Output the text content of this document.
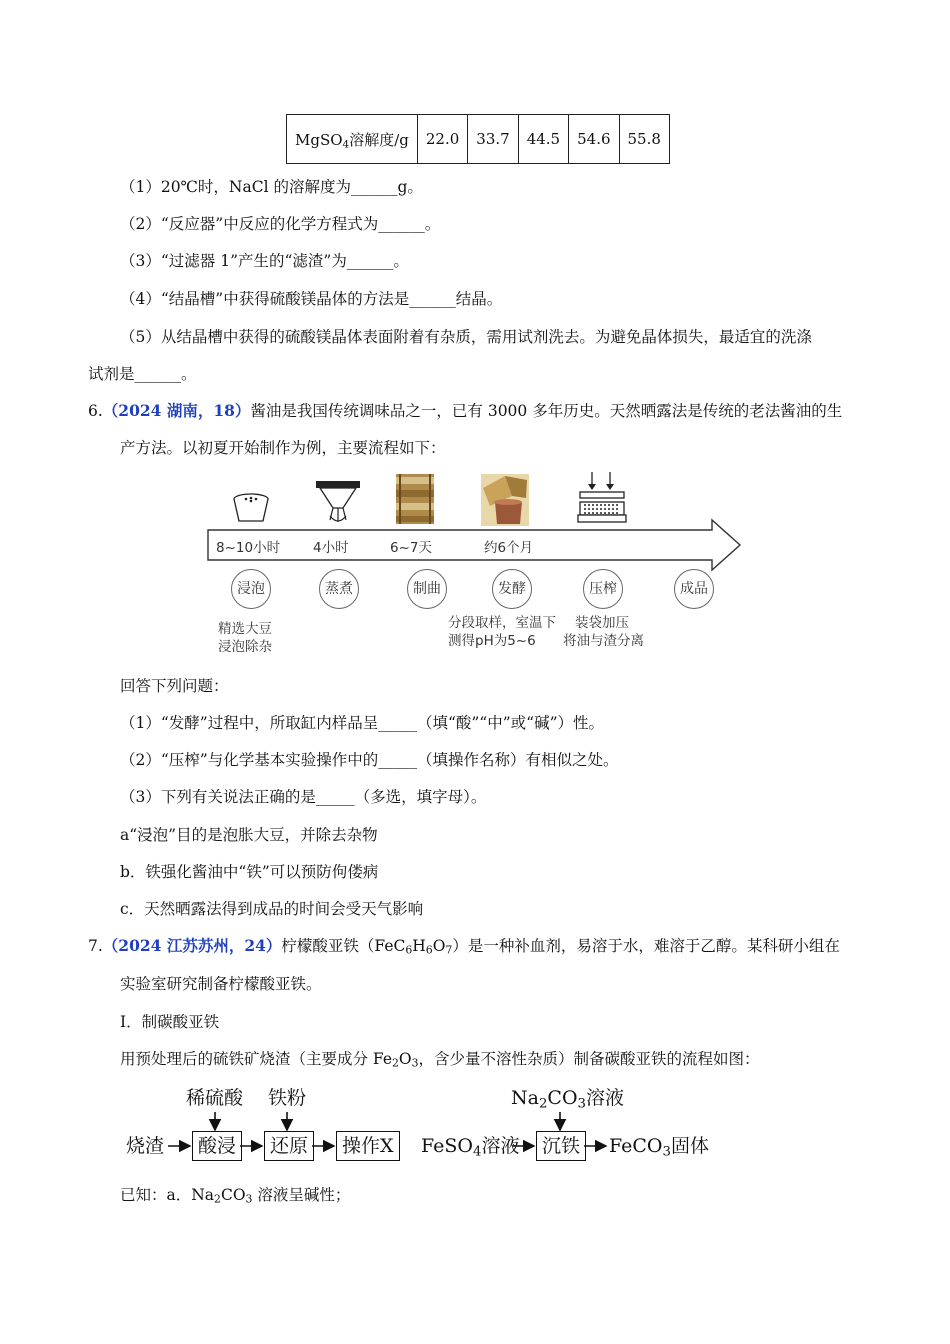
MgSO$_4$溶解度/g	22.0	33.7	44.5	54.6	55.8
（1）20℃时，NaCl 的溶解度为______g。
（2）“反应器”中反应的化学方程式为______。
（3）“过滤器 1”产生的“滤渣”为______。
（4）“结晶槽”中获得硫酸镁晶体的方法是______结晶。
（5）从结晶槽中获得的硫酸镁晶体表面附着有杂质，需用试剂洗去。为避免晶体损失，最适宜的洗涤
试剂是______。
6.（2024 湖南，18）酱油是我国传统调味品之一，已有 3000 多年历史。天然晒露法是传统的老法酱油的生
产方法。以初夏开始制作为例，主要流程如下：
8~10小时 4小时	6~7天	约6个月
浸泡	蒸煮	制曲	发酵	压榨	成品
精选大豆
浸泡除杂
分段取样，室温下
测得pH为5~6
装袋加压
将油与渣分离
回答下列问题：
（1）“发酵”过程中，所取缸内样品呈_____（填“酸”“中”或“碱”）性。
（2）“压榨”与化学基本实验操作中的_____（填操作名称）有相似之处。
（3）下列有关说法正确的是_____（多选，填字母）。
a“浸泡”目的是泡胀大豆，并除去杂物
b．铁强化酱油中“铁”可以预防佝偻病
c．天然晒露法得到成品的时间会受天气影响
7.（2024 江苏苏州，24）柠檬酸亚铁$(FeC_6H_6O_7)$是一种补血剂，易溶于水，难溶于乙醇。某科研小组在
实验室研究制备柠檬酸亚铁。
I．制碳酸亚铁
用预处理后的硫铁矿烧渣（主要成分 $Fe_2O_3$，含少量不溶性杂质）制备碳酸亚铁的流程如图：
稀硫酸 铁粉	$Na_2CO_3$溶液
烧渣	酸浸	还原	操作X	FeSO$_4$溶液	沉铁	FeCO$_3$固体
已知：a．$Na_2CO_3$ 溶液呈碱性；
